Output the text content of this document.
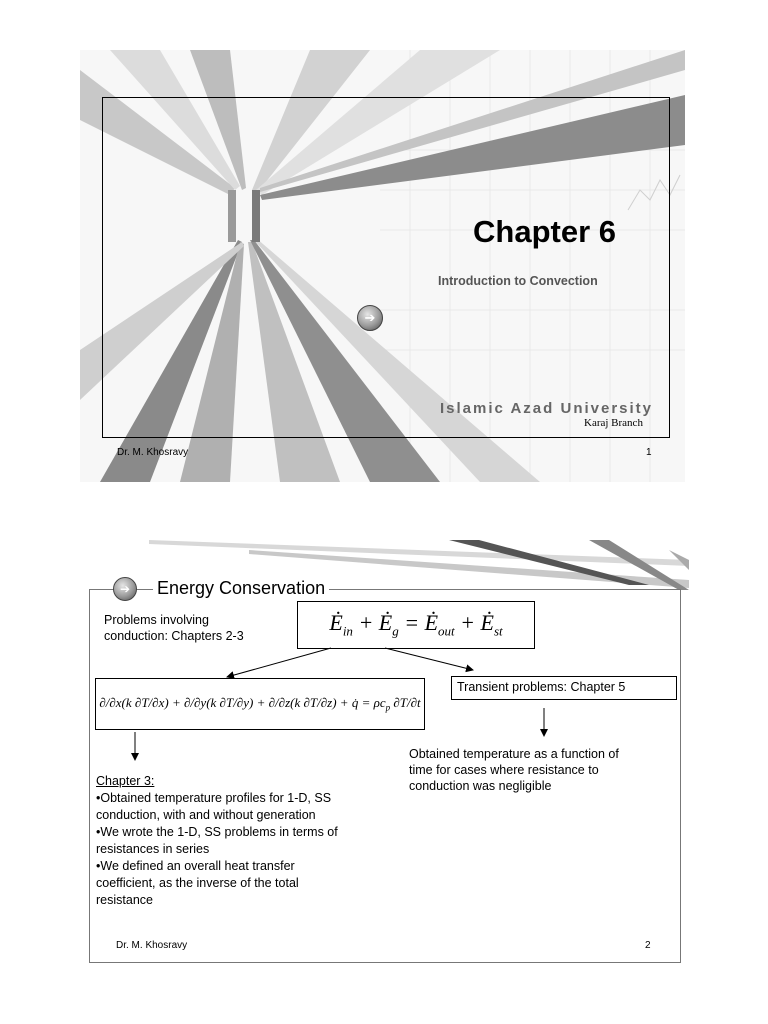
Chapter 6
Introduction to Convection
➔
Islamic Azad University
Karaj Branch
Dr. M. Khosravy	1
➔	Energy Conservation
Problems involving
conduction: Chapters 2-3
$Ė_{in}$ + $Ė_g$ = $Ė_{out}$ + $Ė_{st}$
∂/∂x(k ∂T/∂x) + ∂/∂y(k ∂T/∂y) + ∂/∂z(k ∂T/∂z) + q̇ = $\rho c_p$ ∂T/∂t
Transient problems: Chapter 5
Obtained temperature as a function of
time for cases where resistance to
conduction was negligible
Chapter 3:
•Obtained temperature profiles for 1-D, SS
conduction, with and without generation
•We wrote the 1-D, SS problems in terms of
resistances in series
•We defined an overall heat transfer
coefficient, as the inverse of the total
resistance
Dr. M. Khosravy	2
